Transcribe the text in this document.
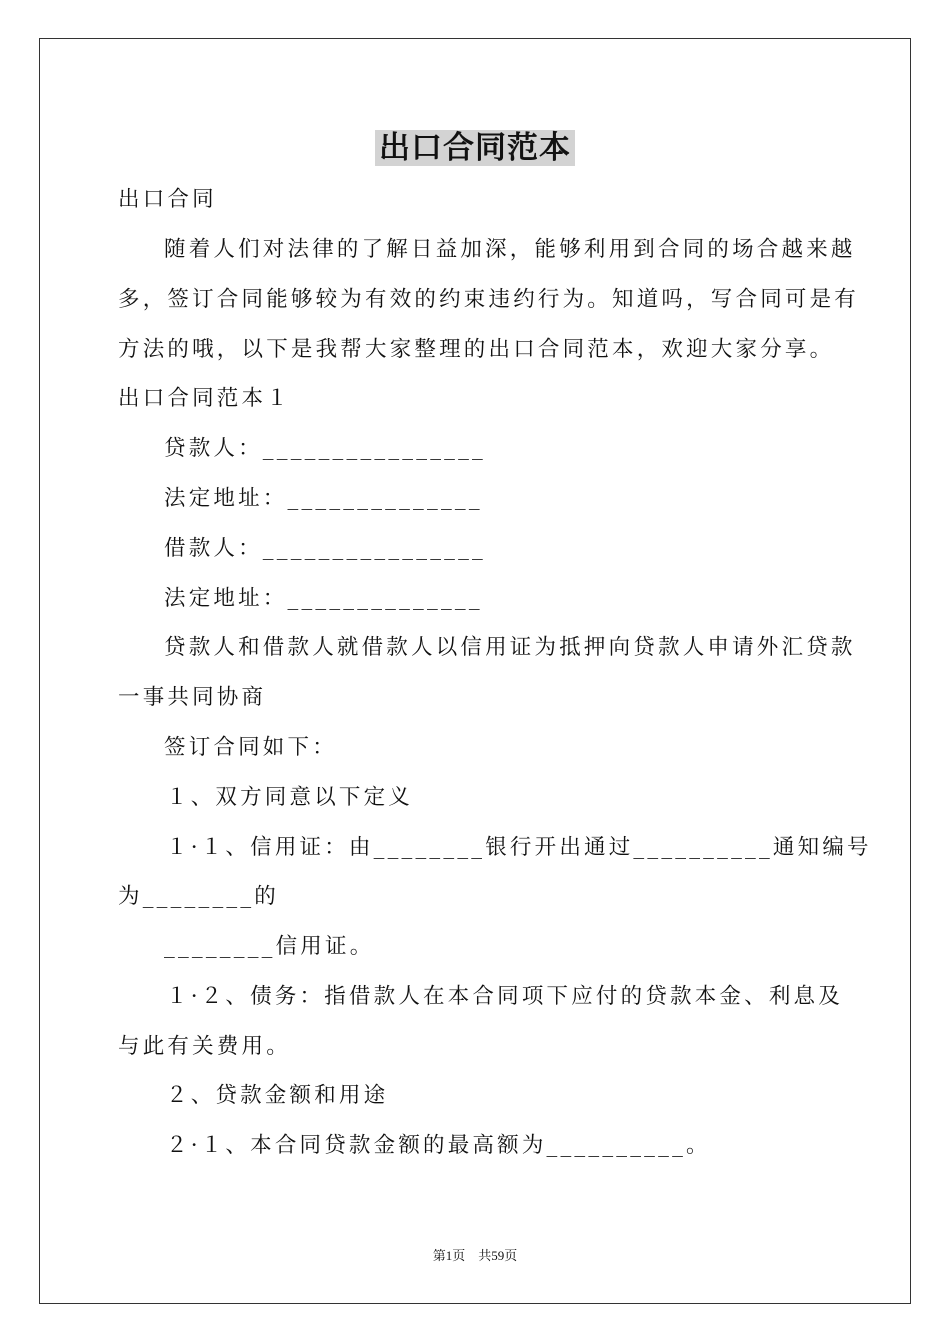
出口合同范本
出口合同
随着人们对法律的了解日益加深，能够利用到合同的场合越来越
多，签订合同能够较为有效的约束违约行为。知道吗，写合同可是有
方法的哦，以下是我帮大家整理的出口合同范本，欢迎大家分享。
出口合同范本１
贷款人：________________
法定地址：______________
借款人：________________
法定地址：______________
贷款人和借款人就借款人以信用证为抵押向贷款人申请外汇贷款
一事共同协商
签订合同如下：
１、双方同意以下定义
１·１、信用证：由________银行开出通过__________通知编号
为________的
________信用证。
１·２、债务：指借款人在本合同项下应付的贷款本金、利息及
与此有关费用。
２、贷款金额和用途
２·１、本合同贷款金额的最高额为__________。
第1页　共59页
